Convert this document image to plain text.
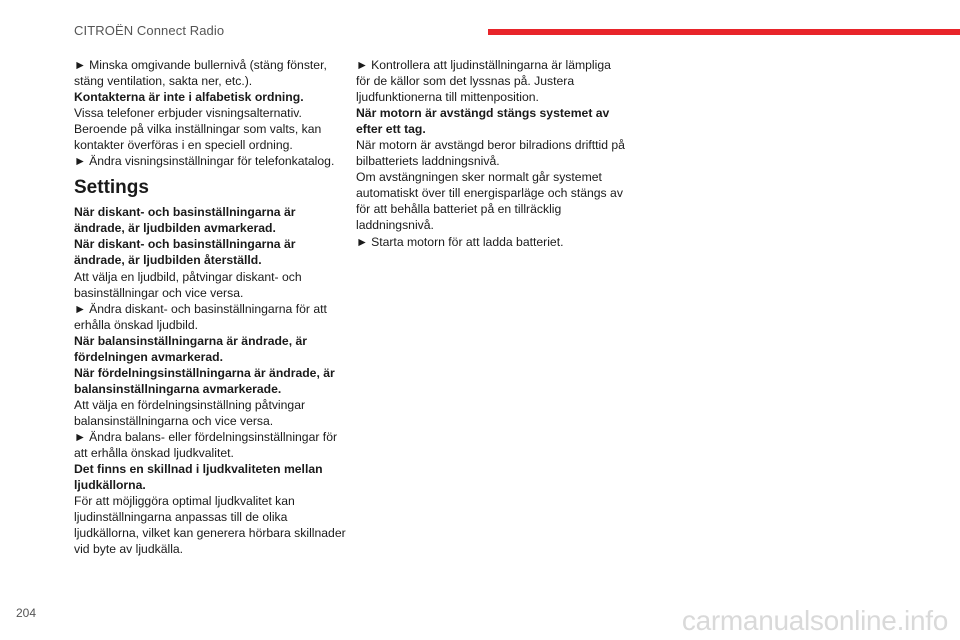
CITROËN Connect Radio

► Minska omgivande bullernivå (stäng fönster, stäng ventilation, sakta ner, etc.).

Kontakterna är inte i alfabetisk ordning.

Vissa telefoner erbjuder visningsalternativ. Beroende på vilka inställningar som valts, kan kontakter överföras i en speciell ordning.

► Ändra visningsinställningar för telefonkatalog.

Settings

När diskant- och basinställningarna är ändrade, är ljudbilden avmarkerad.

När diskant- och basinställningarna är ändrade, är ljudbilden återställd.

Att välja en ljudbild, påtvingar diskant- och basinställningar och vice versa.

► Ändra diskant- och basinställningarna för att erhålla önskad ljudbild.

När balansinställningarna är ändrade, är fördelningen avmarkerad.

När fördelningsinställningarna är ändrade, är balansinställningarna avmarkerade.

Att välja en fördelningsinställning påtvingar balansinställningarna och vice versa.

► Ändra balans- eller fördelningsinställningar för att erhålla önskad ljudkvalitet.

Det finns en skillnad i ljudkvaliteten mellan ljudkällorna.

För att möjliggöra optimal ljudkvalitet kan ljudinställningarna anpassas till de olika ljudkällorna, vilket kan generera hörbara skillnader vid byte av ljudkälla.

► Kontrollera att ljudinställningarna är lämpliga för de källor som det lyssnas på. Justera ljudfunktionerna till mittenposition.

När motorn är avstängd stängs systemet av efter ett tag.

När motorn är avstängd beror bilradions drifttid på bilbatteriets laddningsnivå.

Om avstängningen sker normalt går systemet automatiskt över till energisparläge och stängs av för att behålla batteriet på en tillräcklig laddningsnivå.

► Starta motorn för att ladda batteriet.

204	carmanualsonline.info
